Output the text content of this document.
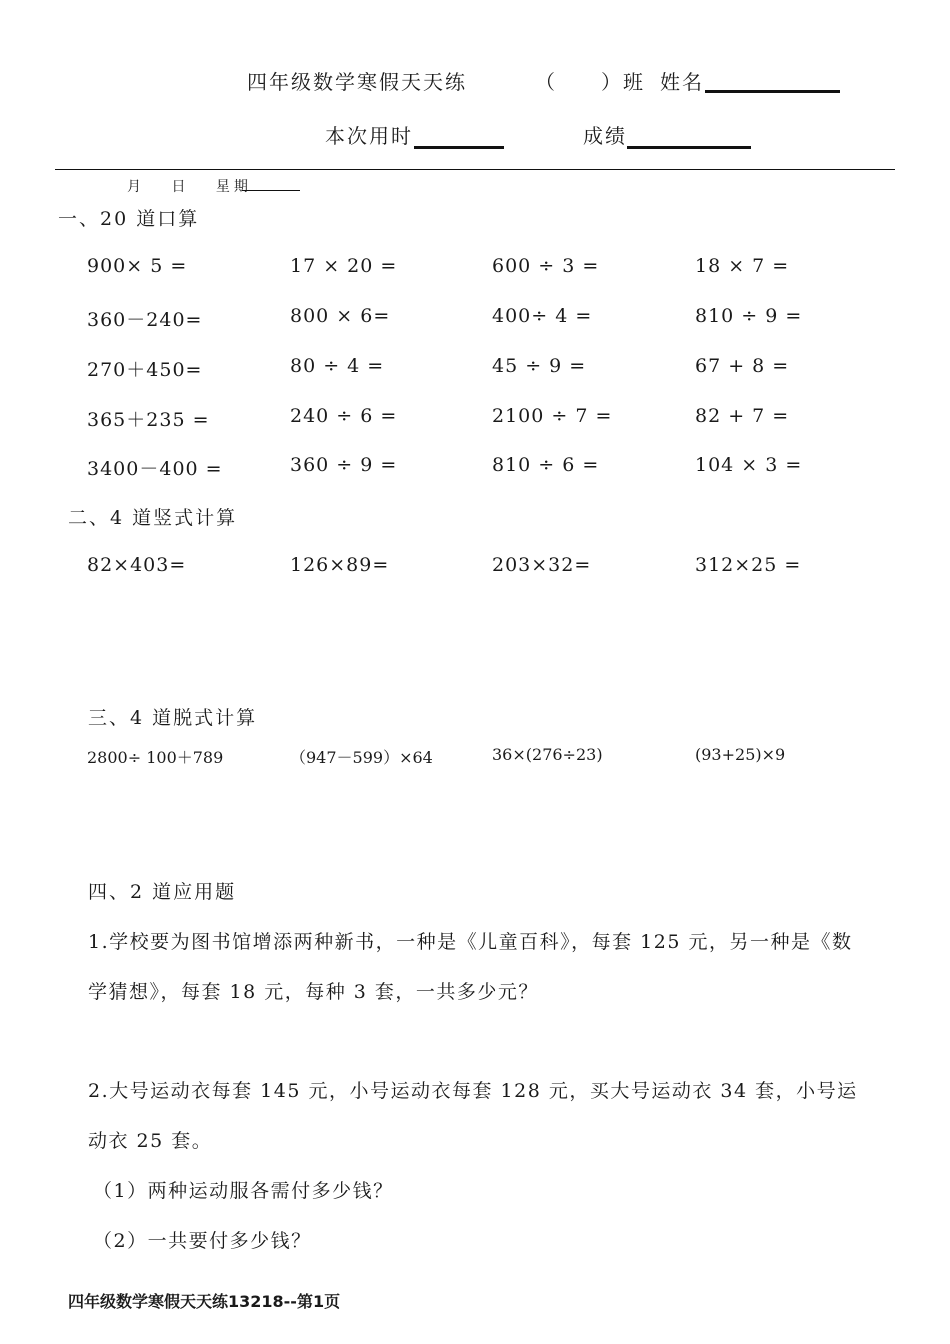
四年级数学寒假天天练	（　　）班 姓名
本次用时	成绩
月　 日　 星期
一、20 道口算
900× 5 =	17 × 20 =	600 ÷ 3 =	18 × 7 =
360－240=	800 × 6=	400÷ 4 =	810 ÷ 9 =
270＋450=	80 ÷ 4 =	45 ÷ 9 =	67 + 8 =
365＋235 =	240 ÷ 6 =	2100 ÷ 7 =	82 + 7 =
3400－400 =	360 ÷ 9 =	810 ÷ 6 =	104 × 3 =
二、4 道竖式计算
82×403=	126×89=	203×32=	312×25 =
三、4 道脱式计算
2800÷ 100＋789	（947－599）×64	36×(276÷23)	(93+25)×9
四、2 道应用题
1.学校要为图书馆增添两种新书，一种是《儿童百科》，每套 125 元，另一种是《数
学猜想》，每套 18 元，每种 3 套，一共多少元？
2.大号运动衣每套 145 元，小号运动衣每套 128 元，买大号运动衣 34 套，小号运
动衣 25 套。
（1）两种运动服各需付多少钱？
（2）一共要付多少钱？
四年级数学寒假天天练13218--第1页
